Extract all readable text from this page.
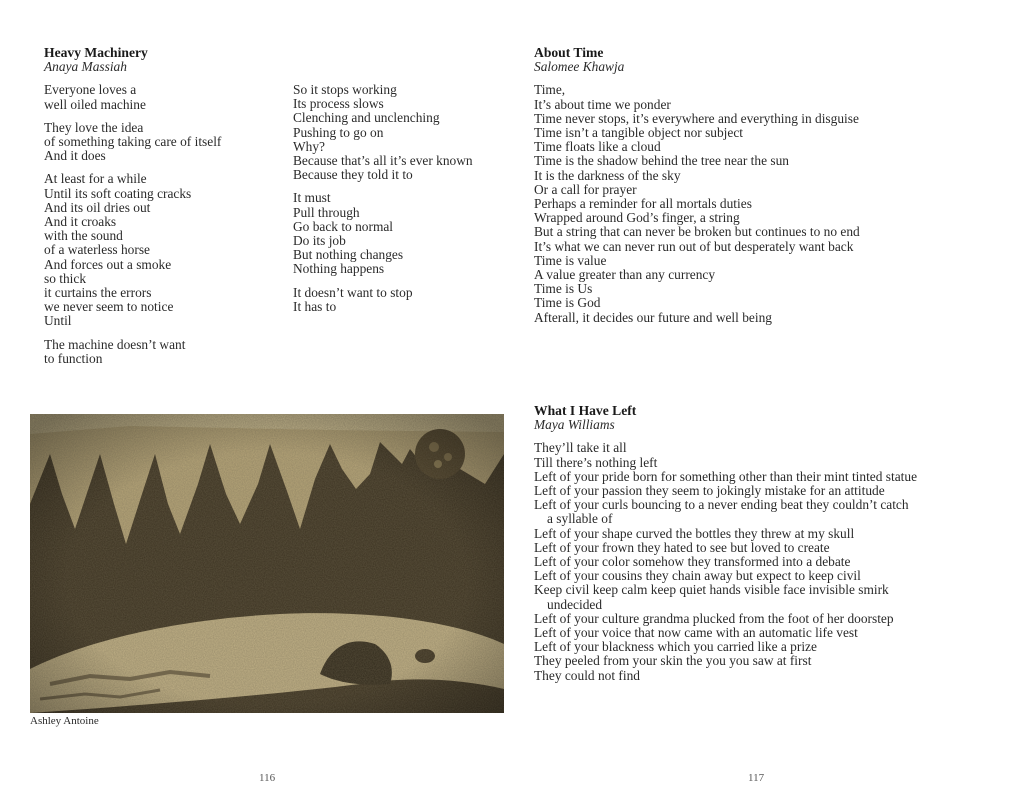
Heavy Machinery
Anaya Massiah
Everyone loves a
well oiled machine
They love the idea
of something taking care of itself
And it does
At least for a while
Until its soft coating cracks
And its oil dries out
And it croaks
with the sound
of a waterless horse
And forces out a smoke
so thick
it curtains the errors
we never seem to notice
Until
The machine doesn’t want
to function
So it stops working
Its process slows
Clenching and unclenching
Pushing to go on
Why?
Because that’s all it’s ever known
Because they told it to
It must
Pull through
Go back to normal
Do its job
But nothing changes
Nothing happens
It doesn’t want to stop
It has to
Ashley Antoine
116
About Time
Salomee Khawja
Time,
It’s about time we ponder
Time never stops, it’s everywhere and everything in disguise
Time isn’t a tangible object nor subject
Time floats like a cloud
Time is the shadow behind the tree near the sun
It is the darkness of the sky
Or a call for prayer
Perhaps a reminder for all mortals duties
Wrapped around God’s finger, a string
But a string that can never be broken but continues to no end
It’s what we can never run out of but desperately want back
Time is value
A value greater than any currency
Time is Us
Time is God
Afterall, it decides our future and well being
What I Have Left
Maya Williams
They’ll take it all
Till there’s nothing left
Left of your pride born for something other than their mint tinted statue
Left of your passion they seem to jokingly mistake for an attitude
Left of your curls bouncing to a never ending beat they couldn’t catch
a syllable of
Left of your shape curved the bottles they threw at my skull
Left of your frown they hated to see but loved to create
Left of your color somehow they transformed into a debate
Left of your cousins they chain away but expect to keep civil
Keep civil keep calm keep quiet hands visible face invisible smirk
undecided
Left of your culture grandma plucked from the foot of her doorstep
Left of your voice that now came with an automatic life vest
Left of your blackness which you carried like a prize
They peeled from your skin the you you saw at first
They could not find
117
